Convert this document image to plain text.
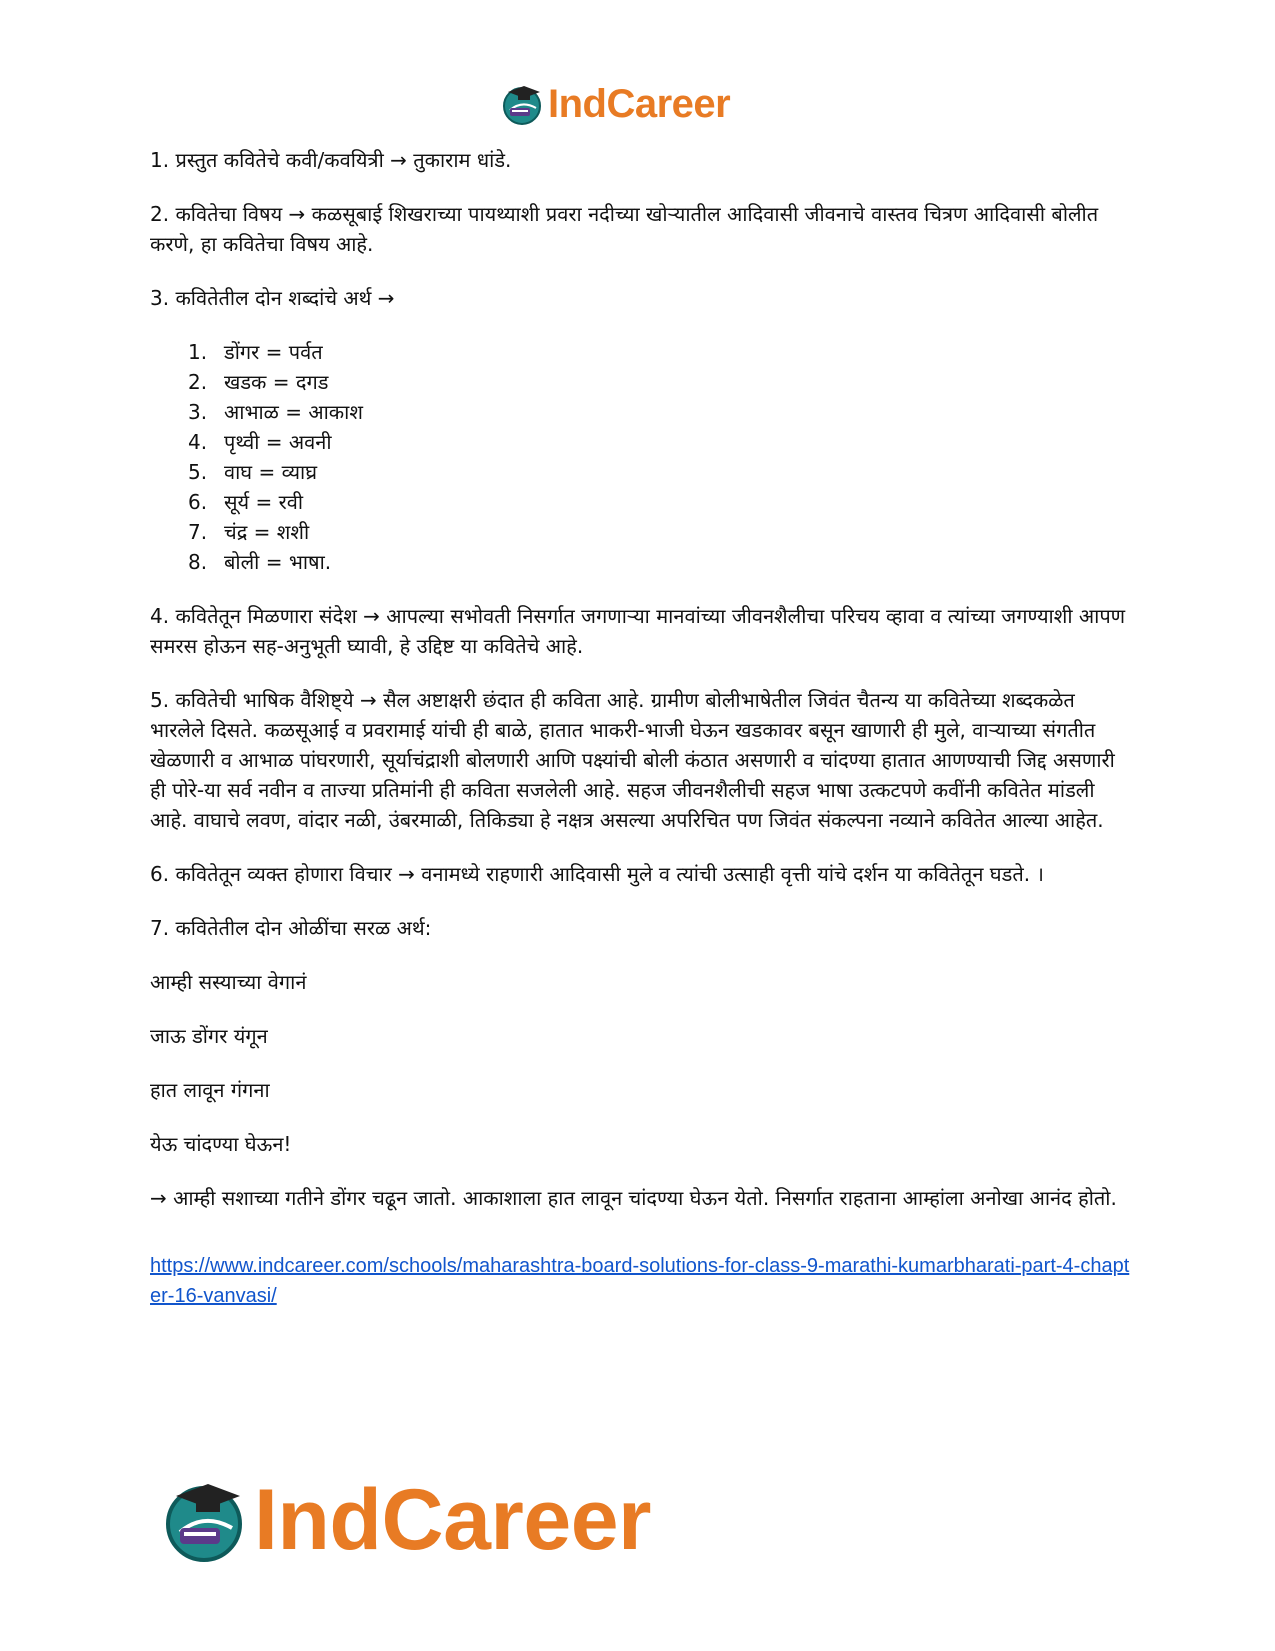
IndCareer

1. प्रस्तुत कवितेचे कवी/कवयित्री → तुकाराम धांडे.

2. कवितेचा विषय → कळसूबाई शिखराच्या पायथ्याशी प्रवरा नदीच्या खोऱ्यातील आदिवासी जीवनाचे वास्तव चित्रण आदिवासी बोलीत करणे, हा कवितेचा विषय आहे.

3. कवितेतील दोन शब्दांचे अर्थ →

1. डोंगर = पर्वत
2. खडक = दगड
3. आभाळ = आकाश
4. पृथ्वी = अवनी
5. वाघ = व्याघ्र
6. सूर्य = रवी
7. चंद्र = शशी
8. बोली = भाषा.

4. कवितेतून मिळणारा संदेश → आपल्या सभोवती निसर्गात जगणाऱ्या मानवांच्या जीवनशैलीचा परिचय व्हावा व त्यांच्या जगण्याशी आपण समरस होऊन सह-अनुभूती घ्यावी, हे उद्दिष्ट या कवितेचे आहे.

5. कवितेची भाषिक वैशिष्ट्ये → सैल अष्टाक्षरी छंदात ही कविता आहे. ग्रामीण बोलीभाषेतील जिवंत चैतन्य या कवितेच्या शब्दकळेत भारलेले दिसते. कळसूआई व प्रवरामाई यांची ही बाळे, हातात भाकरी-भाजी घेऊन खडकावर बसून खाणारी ही मुले, वाऱ्याच्या संगतीत खेळणारी व आभाळ पांघरणारी, सूर्याचंद्राशी बोलणारी आणि पक्ष्यांची बोली कंठात असणारी व चांदण्या हातात आणण्याची जिद्द असणारी ही पोरे-या सर्व नवीन व ताज्या प्रतिमांनी ही कविता सजलेली आहे. सहज जीवनशैलीची सहज भाषा उत्कटपणे कवींनी कवितेत मांडली आहे. वाघाचे लवण, वांदार नळी, उंबरमाळी, तिकिड्या हे नक्षत्र असल्या अपरिचित पण जिवंत संकल्पना नव्याने कवितेत आल्या आहेत.

6. कवितेतून व्यक्त होणारा विचार → वनामध्ये राहणारी आदिवासी मुले व त्यांची उत्साही वृत्ती यांचे दर्शन या कवितेतून घडते. ।

7. कवितेतील दोन ओळींचा सरळ अर्थ:

आम्ही सस्याच्या वेगानं

जाऊ डोंगर यंगून

हात लावून गंगना

येऊ चांदण्या घेऊन!

→ आम्ही सशाच्या गतीने डोंगर चढून जातो. आकाशाला हात लावून चांदण्या घेऊन येतो. निसर्गात राहताना आम्हांला अनोखा आनंद होतो.

https://www.indcareer.com/schools/maharashtra-board-solutions-for-class-9-marathi-kumarbharati-part-4-chapter-16-vanvasi/
IndCareer
